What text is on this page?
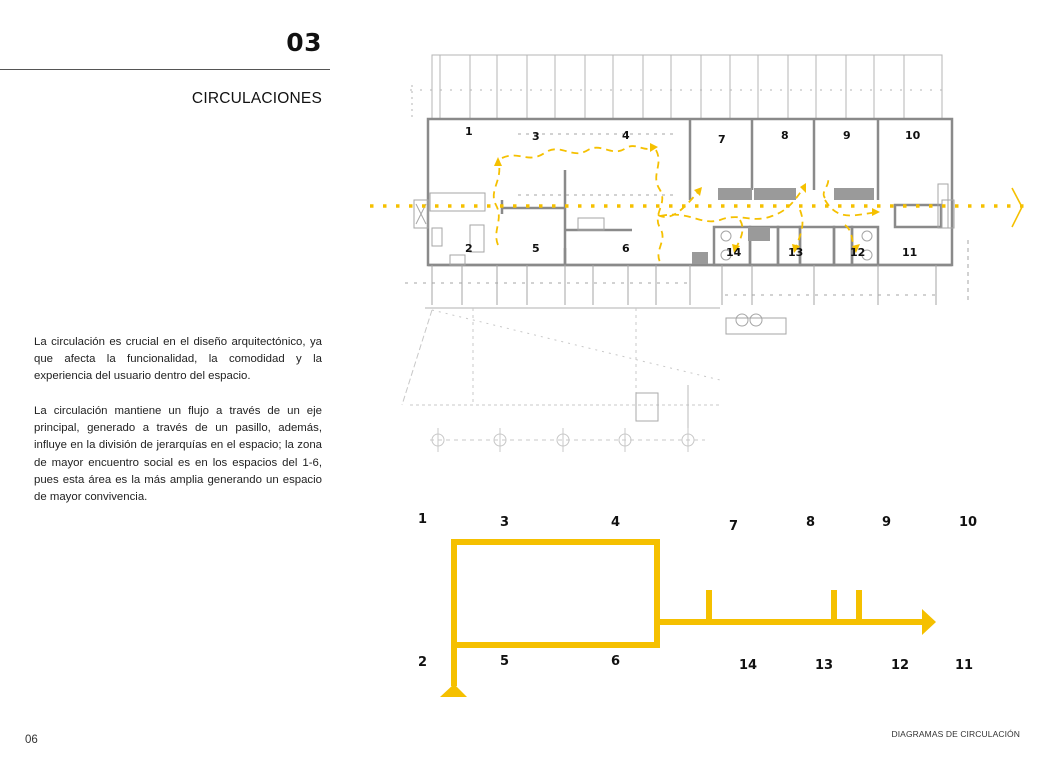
03
CIRCULACIONES

La circulación es crucial en el diseño arquitectónico, ya que afecta la funcionalidad, la comodidad y la experiencia del usuario dentro del espacio.

La circulación mantiene un flujo a través de un eje principal, generado a través de un pasillo, además, influye en la división de jerarquías en el espacio; la zona de mayor encuentro social es en los espacios del 1-6, pues esta área es la más amplia generando un espacio de mayor convivencia.

1	3	4	7	8	9	10
2	5	6	14	13	12	11
1	3	4	7	8	9	10
2	5	6	14	13	12	11
06	DIAGRAMAS DE CIRCULACIÓN
